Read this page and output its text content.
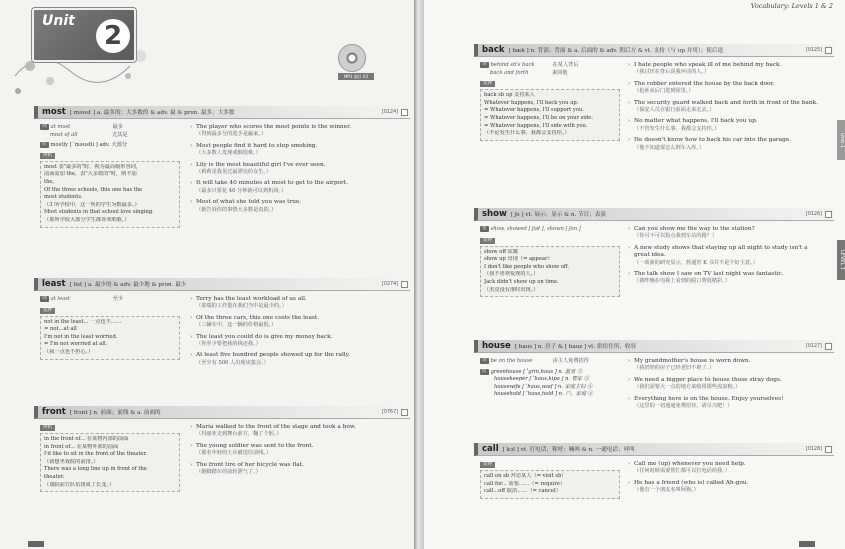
Unit	2
MP3 曲目 03
most [ məust ] a. 最多的；大多数的 & adv. 最 & pron. 最多；大多数	[0124]
词 at most	最多
most of all	尤其是
衍 mostly [ ˈməustli ] adv. 大部分
辨析
most 表"最多的"时，视为最高级形容词，
前面需加 the，表"大多数的"时，则不加
the。
Of the three schools, this one has the
most students.
（3 所学校中，这一所的学生为数最多。）
Most students in that school love singing.
（那所学校大部分学生都喜欢唱歌。）
› The player who scores the most points is the winner.
（得到最多分的选手是赢家。）
› Most people find it hard to stop smoking.
（大多数人发现戒烟很难。）
› Lily is the most beautiful girl I've ever seen.
（莉莉是我见过最漂亮的女生。）
› It will take 40 minutes at most to get to the airport.
（最多只要花 40 分钟就可以到机场。）
› Most of what she told you was true.
（她告诉你的事情大多数是真的。）
least [ list ] a. 最少的 & adv. 最少地 & pron. 最少	[0274]
词 at least	至少
延伸
not in the least... 一点也不……
= not...at all
I'm not in the least worried.
= I'm not worried at all.
（我一点也不担心。）
› Terry has the least workload of us all.
（泰瑞的工作量在我们当中是最少的。）
› Of the three cars, this one costs the least.
（三辆车中，这一辆的价格最低。）
› The least you could do is give my money back.
（你至少要把我的钱还我。）
› At least five hundred people showed up for the rally.
（至少有 500 人出席该集会。）
front [ frʌnt ] n. 前面；前线 & a. 前面的	[0767]
辨析
in the front of... 在某物内部的前面
in front of... 在某物外部的前面
I'd like to sit in the front of the theater.
（我想坐戏院的前排。）
There was a long line up in front of the
theater.
（戏院前方队伍排成了长龙。）
› Maria walked to the front of the stage and took a bow.
（玛丽亚走到舞台前方，鞠了个躬。）
› The young soldier was sent to the front.
（那名年轻的士兵被送往前线。）
› The front tire of her bicycle was flat.
（她脚踏车的前轮泄气了。）
Vocabulary: Levels 1 & 2
Unit 1
LEVEL 1
back [ bæk ] n. 背部；背面 & a. 后面的 & adv. 朝后方 & vt. 支持（与 up 并用）；使后退	[0125]
词 behind sb's back	在某人背后
back and forth	来回地
延伸
back sb up 支持某人
Whatever happens, I'll back you up.
= Whatever happens, I'll support you.
= Whatever happens, I'll be on your side.
= Whatever happens, I'll side with you.
（不论发生什么事，我都会支持你。）
› I hate people who speak ill of me behind my back.
（我讨厌在背后说我坏话的人。）
› The robber entered the house by the back door.
（抢匪从后门进到屋里。）
› The security guard walked back and forth in front of the bank.
（保安人员在银行前面走来走去。）
› No matter what happens, I'll back you up.
（不管发生什么事，我都会支持你。）
› He doesn't know how to back his car into the garage.
（他不知道要怎么倒车入库。）
show [ ʃo ] vt. 展示；显示 & n. 节目；表演	[0126]
变 show, showed [ ʃod ], shown [ ʃon ]
延伸
show off 炫耀
show up 出现（= appear）
I don't like people who show off.
（我不喜欢爱现的人。）
Jack didn't show up on time.
（杰克没有准时出现。）
› Can you show me the way to the station?
（你可不可以指点我到车站的路？）
› A new study shows that staying up all night to study isn't a great idea.
（一项新的研究显示，熬通宵 K 书并不是个好主意。）
› The talk show I saw on TV last night was fantastic.
（我昨晚在电视上看到的脱口秀很精彩。）
house [ haus ] n. 房子 & [ hauz ] vt. 供给住所，收容	[0127]
词 be on the house	由主人免费招待
衍 greenhouse [ ˈgrin,haus ] n. 温室 ③
housekeeper [ ˈhaus,kipə ] n. 管家 ③
housewife [ ˈhaus,waɪf ] n. 家庭主妇 ④
household [ ˈhaus,hold ] n. 户，家庭 ④
› My grandmother's house is worn down.
（我奶奶的房子已经老旧不堪了。）
› We need a bigger place to house those stray dogs.
（我们需要大一点的地方来收留那些流浪狗。）
› Everything here is on the house. Enjoy yourselves!
（这里的一切通通免费招待，请尽兴吧！）
call [ kɔl ] vt. 打电话；称呼；喊叫 & n. 一通电话；呼叫	[0128]
延伸
call on sb 拜访某人（= visit sb）
call for... 需要……（= require）
call...off 取消……（= cancel）
› Call me (up) whenever you need help.
（任何时候需要帮忙都可以打电话给我。）
› He has a friend (who is) called Ah-gou.
（他有一个朋友名叫阿狗。）
